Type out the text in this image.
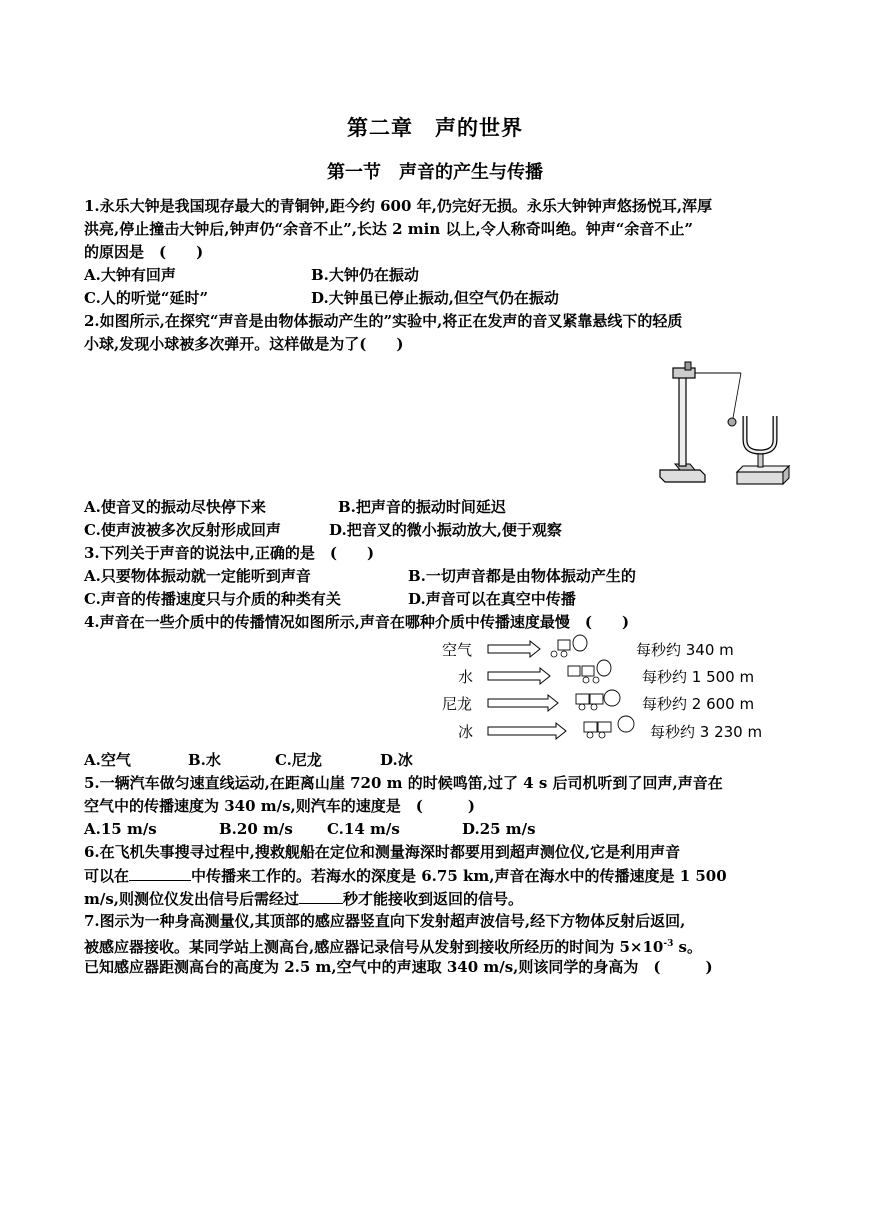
第二章　声的世界
第一节　声音的产生与传播
1.永乐大钟是我国现存最大的青铜钟,距今约 600 年,仍完好无损。永乐大钟钟声悠扬悦耳,浑厚
洪亮,停止撞击大钟后,钟声仍“余音不止”,长达 2 min 以上,令人称奇叫绝。钟声“余音不止”
的原因是　(　　)
A.大钟有回声	B.大钟仍在振动
C.人的听觉“延时”	D.大钟虽已停止振动,但空气仍在振动
2.如图所示,在探究“声音是由物体振动产生的”实验中,将正在发声的音叉紧靠悬线下的轻质
小球,发现小球被多次弹开。这样做是为了(　　)
A.使音叉的振动尽快停下来	B.把声音的振动时间延迟
C.使声波被多次反射形成回声	D.把音叉的微小振动放大,便于观察
3.下列关于声音的说法中,正确的是　(　　)
A.只要物体振动就一定能听到声音	B.一切声音都是由物体振动产生的
C.声音的传播速度只与介质的种类有关	D.声音可以在真空中传播
4.声音在一些介质中的传播情况如图所示,声音在哪种介质中传播速度最慢　(　　)
空气	每秒约 340 m
水	每秒约 1 500 m
尼龙	每秒约 2 600 m
冰	每秒约 3 230 m
A.空气	B.水	C.尼龙	D.冰
5.一辆汽车做匀速直线运动,在距离山崖 720 m 的时候鸣笛,过了 4 s 后司机听到了回声,声音在
空气中的传播速度为 340 m/s,则汽车的速度是　(　　　)
A.15 m/s	B.20 m/s C.14 m/s	D.25 m/s
6.在飞机失事搜寻过程中,搜救舰船在定位和测量海深时都要用到超声测位仪,它是利用声音
可以在	中传播来工作的。若海水的深度是 6.75 km,声音在海水中的传播速度是 1 500
m/s,则测位仪发出信号后需经过	秒才能接收到返回的信号。
7.图示为一种身高测量仪,其顶部的感应器竖直向下发射超声波信号,经下方物体反射后返回,
被感应器接收。某同学站上测高台,感应器记录信号从发射到接收所经历的时间为 $5\times 10^{-3}$ s。
已知感应器距测高台的高度为 2.5 m,空气中的声速取 340 m/s,则该同学的身高为　(　　　)
